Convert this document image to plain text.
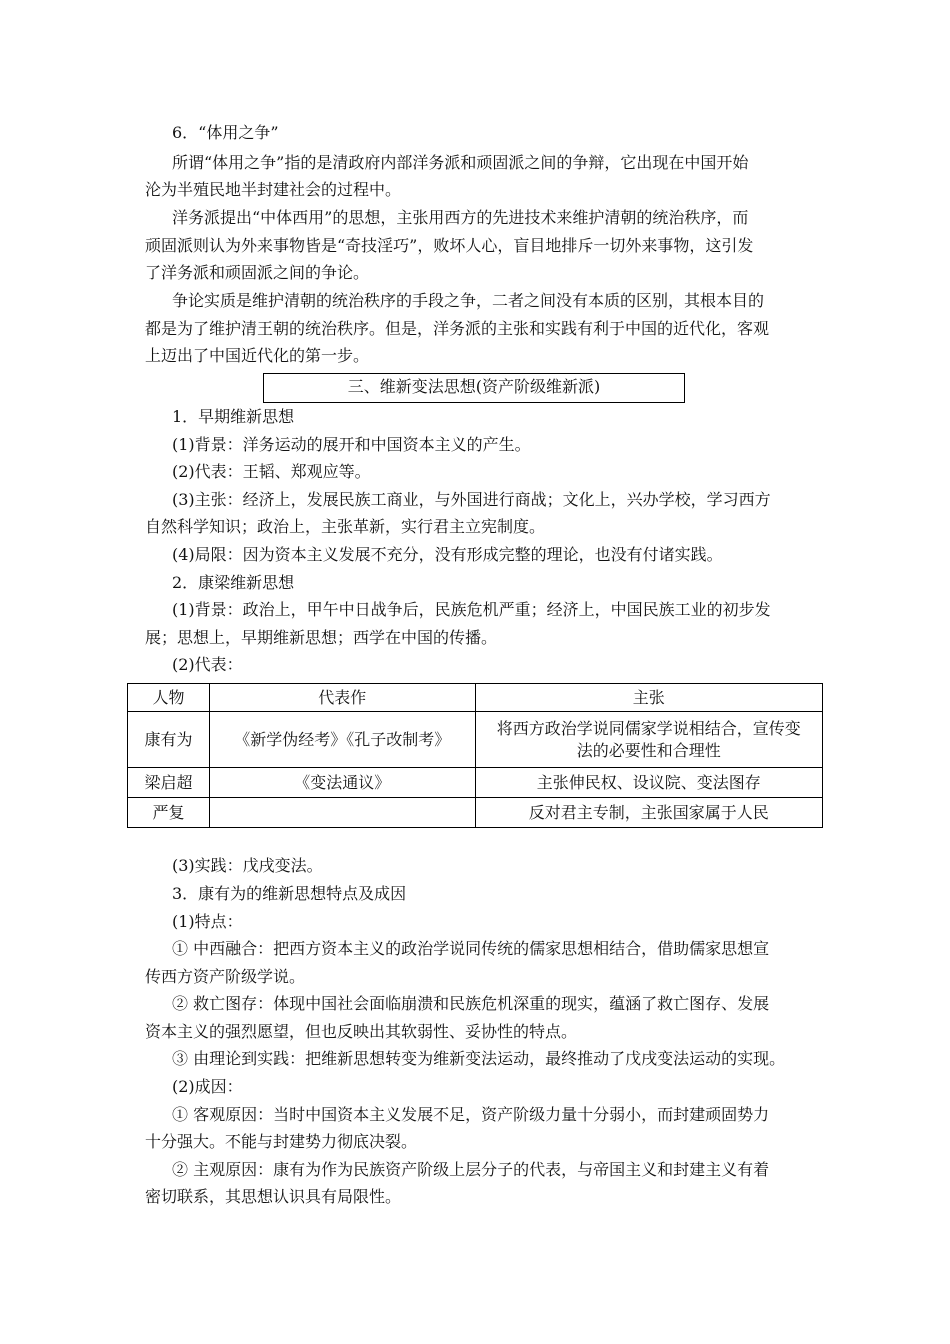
6．“体用之争”
所谓“体用之争”指的是清政府内部洋务派和顽固派之间的争辩，它出现在中国开始
沦为半殖民地半封建社会的过程中。
洋务派提出“中体西用”的思想，主张用西方的先进技术来维护清朝的统治秩序，而
顽固派则认为外来事物皆是“奇技淫巧”，败坏人心，盲目地排斥一切外来事物，这引发
了洋务派和顽固派之间的争论。
争论实质是维护清朝的统治秩序的手段之争，二者之间没有本质的区别，其根本目的
都是为了维护清王朝的统治秩序。但是，洋务派的主张和实践有利于中国的近代化，客观
上迈出了中国近代化的第一步。
三、维新变法思想(资产阶级维新派)
1．早期维新思想
(1)背景：洋务运动的展开和中国资本主义的产生。
(2)代表：王韬、郑观应等。
(3)主张：经济上，发展民族工商业，与外国进行商战；文化上，兴办学校，学习西方
自然科学知识；政治上，主张革新，实行君主立宪制度。
(4)局限：因为资本主义发展不充分，没有形成完整的理论，也没有付诸实践。
2．康梁维新思想
(1)背景：政治上，甲午中日战争后，民族危机严重；经济上，中国民族工业的初步发
展；思想上，早期维新思想；西学在中国的传播。
(2)代表：
人物	代表作	主张
康有为	《新学伪经考》《孔子改制考》	将西方政治学说同儒家学说相结合，宣传变
法的必要性和合理性

梁启超	《变法通议》	主张伸民权、设议院、变法图存
严复		反对君主专制，主张国家属于人民
(3)实践：戊戌变法。
3．康有为的维新思想特点及成因
(1)特点：
① 中西融合：把西方资本主义的政治学说同传统的儒家思想相结合，借助儒家思想宣
传西方资产阶级学说。
② 救亡图存：体现中国社会面临崩溃和民族危机深重的现实，蕴涵了救亡图存、发展
资本主义的强烈愿望，但也反映出其软弱性、妥协性的特点。
③ 由理论到实践：把维新思想转变为维新变法运动，最终推动了戊戌变法运动的实现。
(2)成因：
① 客观原因：当时中国资本主义发展不足，资产阶级力量十分弱小，而封建顽固势力
十分强大。不能与封建势力彻底决裂。
② 主观原因：康有为作为民族资产阶级上层分子的代表，与帝国主义和封建主义有着
密切联系，其思想认识具有局限性。
